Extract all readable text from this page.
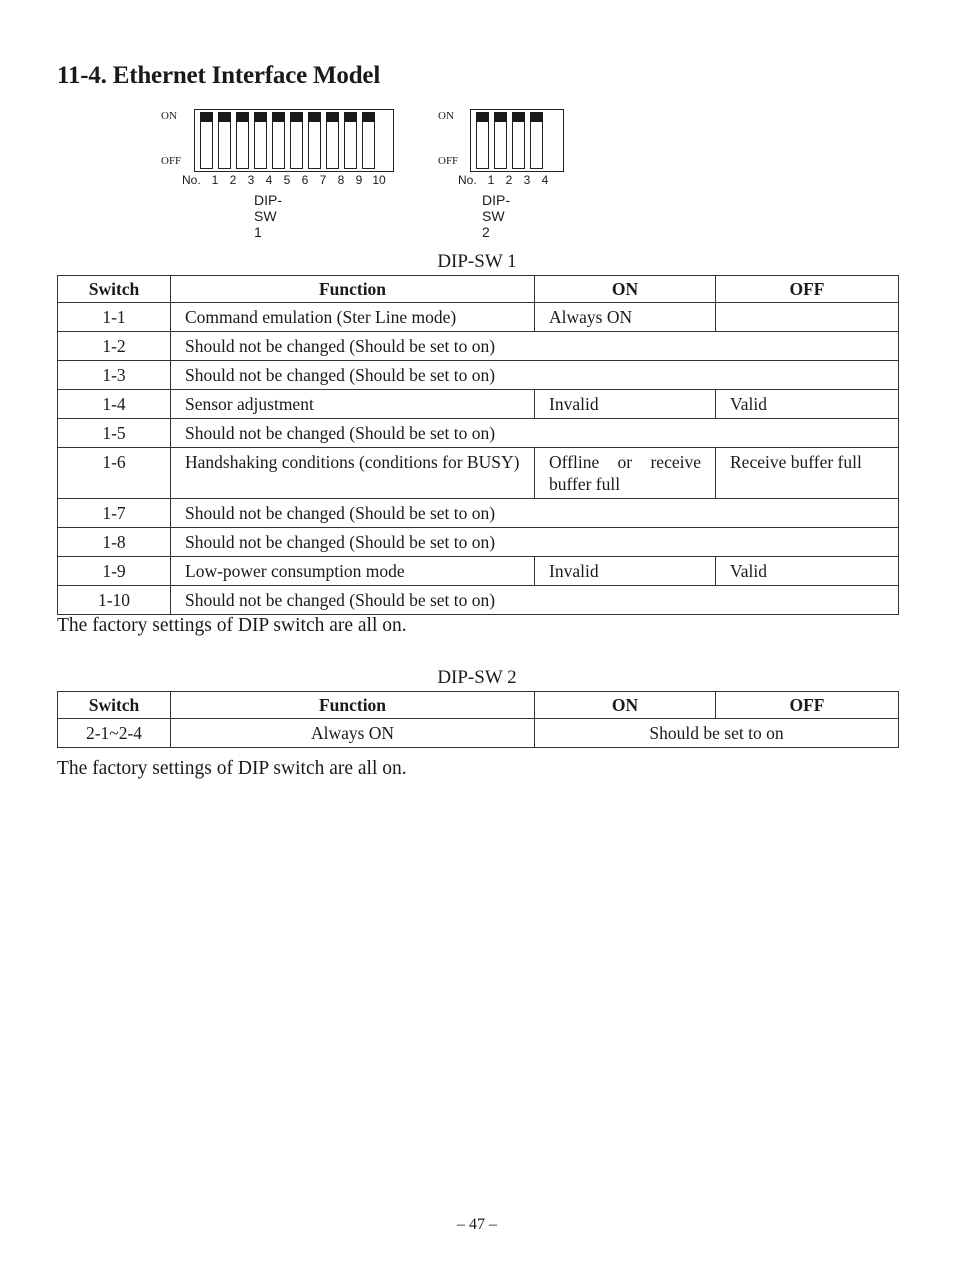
11-4. Ethernet Interface Model
ON
OFF
No. 1 2 3 4 5 6 7 8 9 10
DIP-SW 1
ON
OFF
No. 1 2 3 4
DIP-SW 2
DIP-SW 1
Switch	Function	ON	OFF
1-1	Command emulation (Ster Line mode)	Always ON	
1-2	Should not be changed (Should be set to on)		
1-3	Should not be changed (Should be set to on)		
1-4	Sensor adjustment	Invalid	Valid
1-5	Should not be changed (Should be set to on)		
1-6	Handshaking conditions (conditions for BUSY)	Offline or receive buffer full	Receive buffer full
1-7	Should not be changed (Should be set to on)		
1-8	Should not be changed (Should be set to on)		
1-9	Low-power consumption mode	Invalid	Valid
1-10	Should not be changed (Should be set to on)		
The factory settings of DIP switch are all on.
DIP-SW 2
Switch	Function	ON	OFF
2-1~2-4	Always ON	Should be set to on	
The factory settings of DIP switch are all on.
– 47 –
